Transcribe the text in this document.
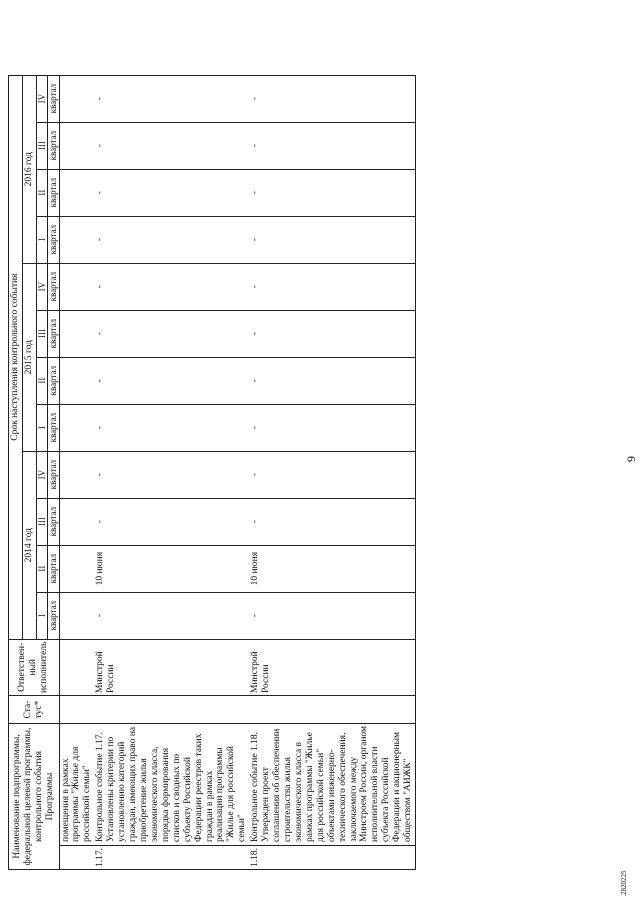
9
2820225
Наименование подпрограммы, федеральной целевой программы, контрольного события Программы		Ста-тус*	Ответствен-ный исполнитель	Срок наступления контрольного события											
				2014 год				2015 год				2016 год			
				I	II	III	IV	I	II	III	IV	I	II	III	IV
				квартал	квартал	квартал	квартал	квартал	квартал	квартал	квартал	квартал	квартал	квартал	квартал
	помещения в рамках программы "Жилье для российской семьи"														
1.17.	Контрольное событие 1.17. Установлены критерии по установлению категорий граждан, имеющих право на приобретение жилья экономического класса, порядка формирования списков и сводных по субъекту Российской Федерации реестров таких граждан в рамках реализации программы "Жилье для российской семьи"		Минстрой России	-	10 июня	-	-	-	-	-	-	-	-	-	-
1.18.	Контрольное событие 1.18. Утвержден проект соглашения об обеспечении строительства жилья экономического класса в рамках программы "Жилье для российской семьи" объектами инженерно-технического обеспечения, заключаемого между Минстроем России, органом исполнительной власти субъекта Российской Федерации и акционерным обществом "АИЖК"		Минстрой России	-	10 июня	-	-	-	-	-	-	-	-	-	-
